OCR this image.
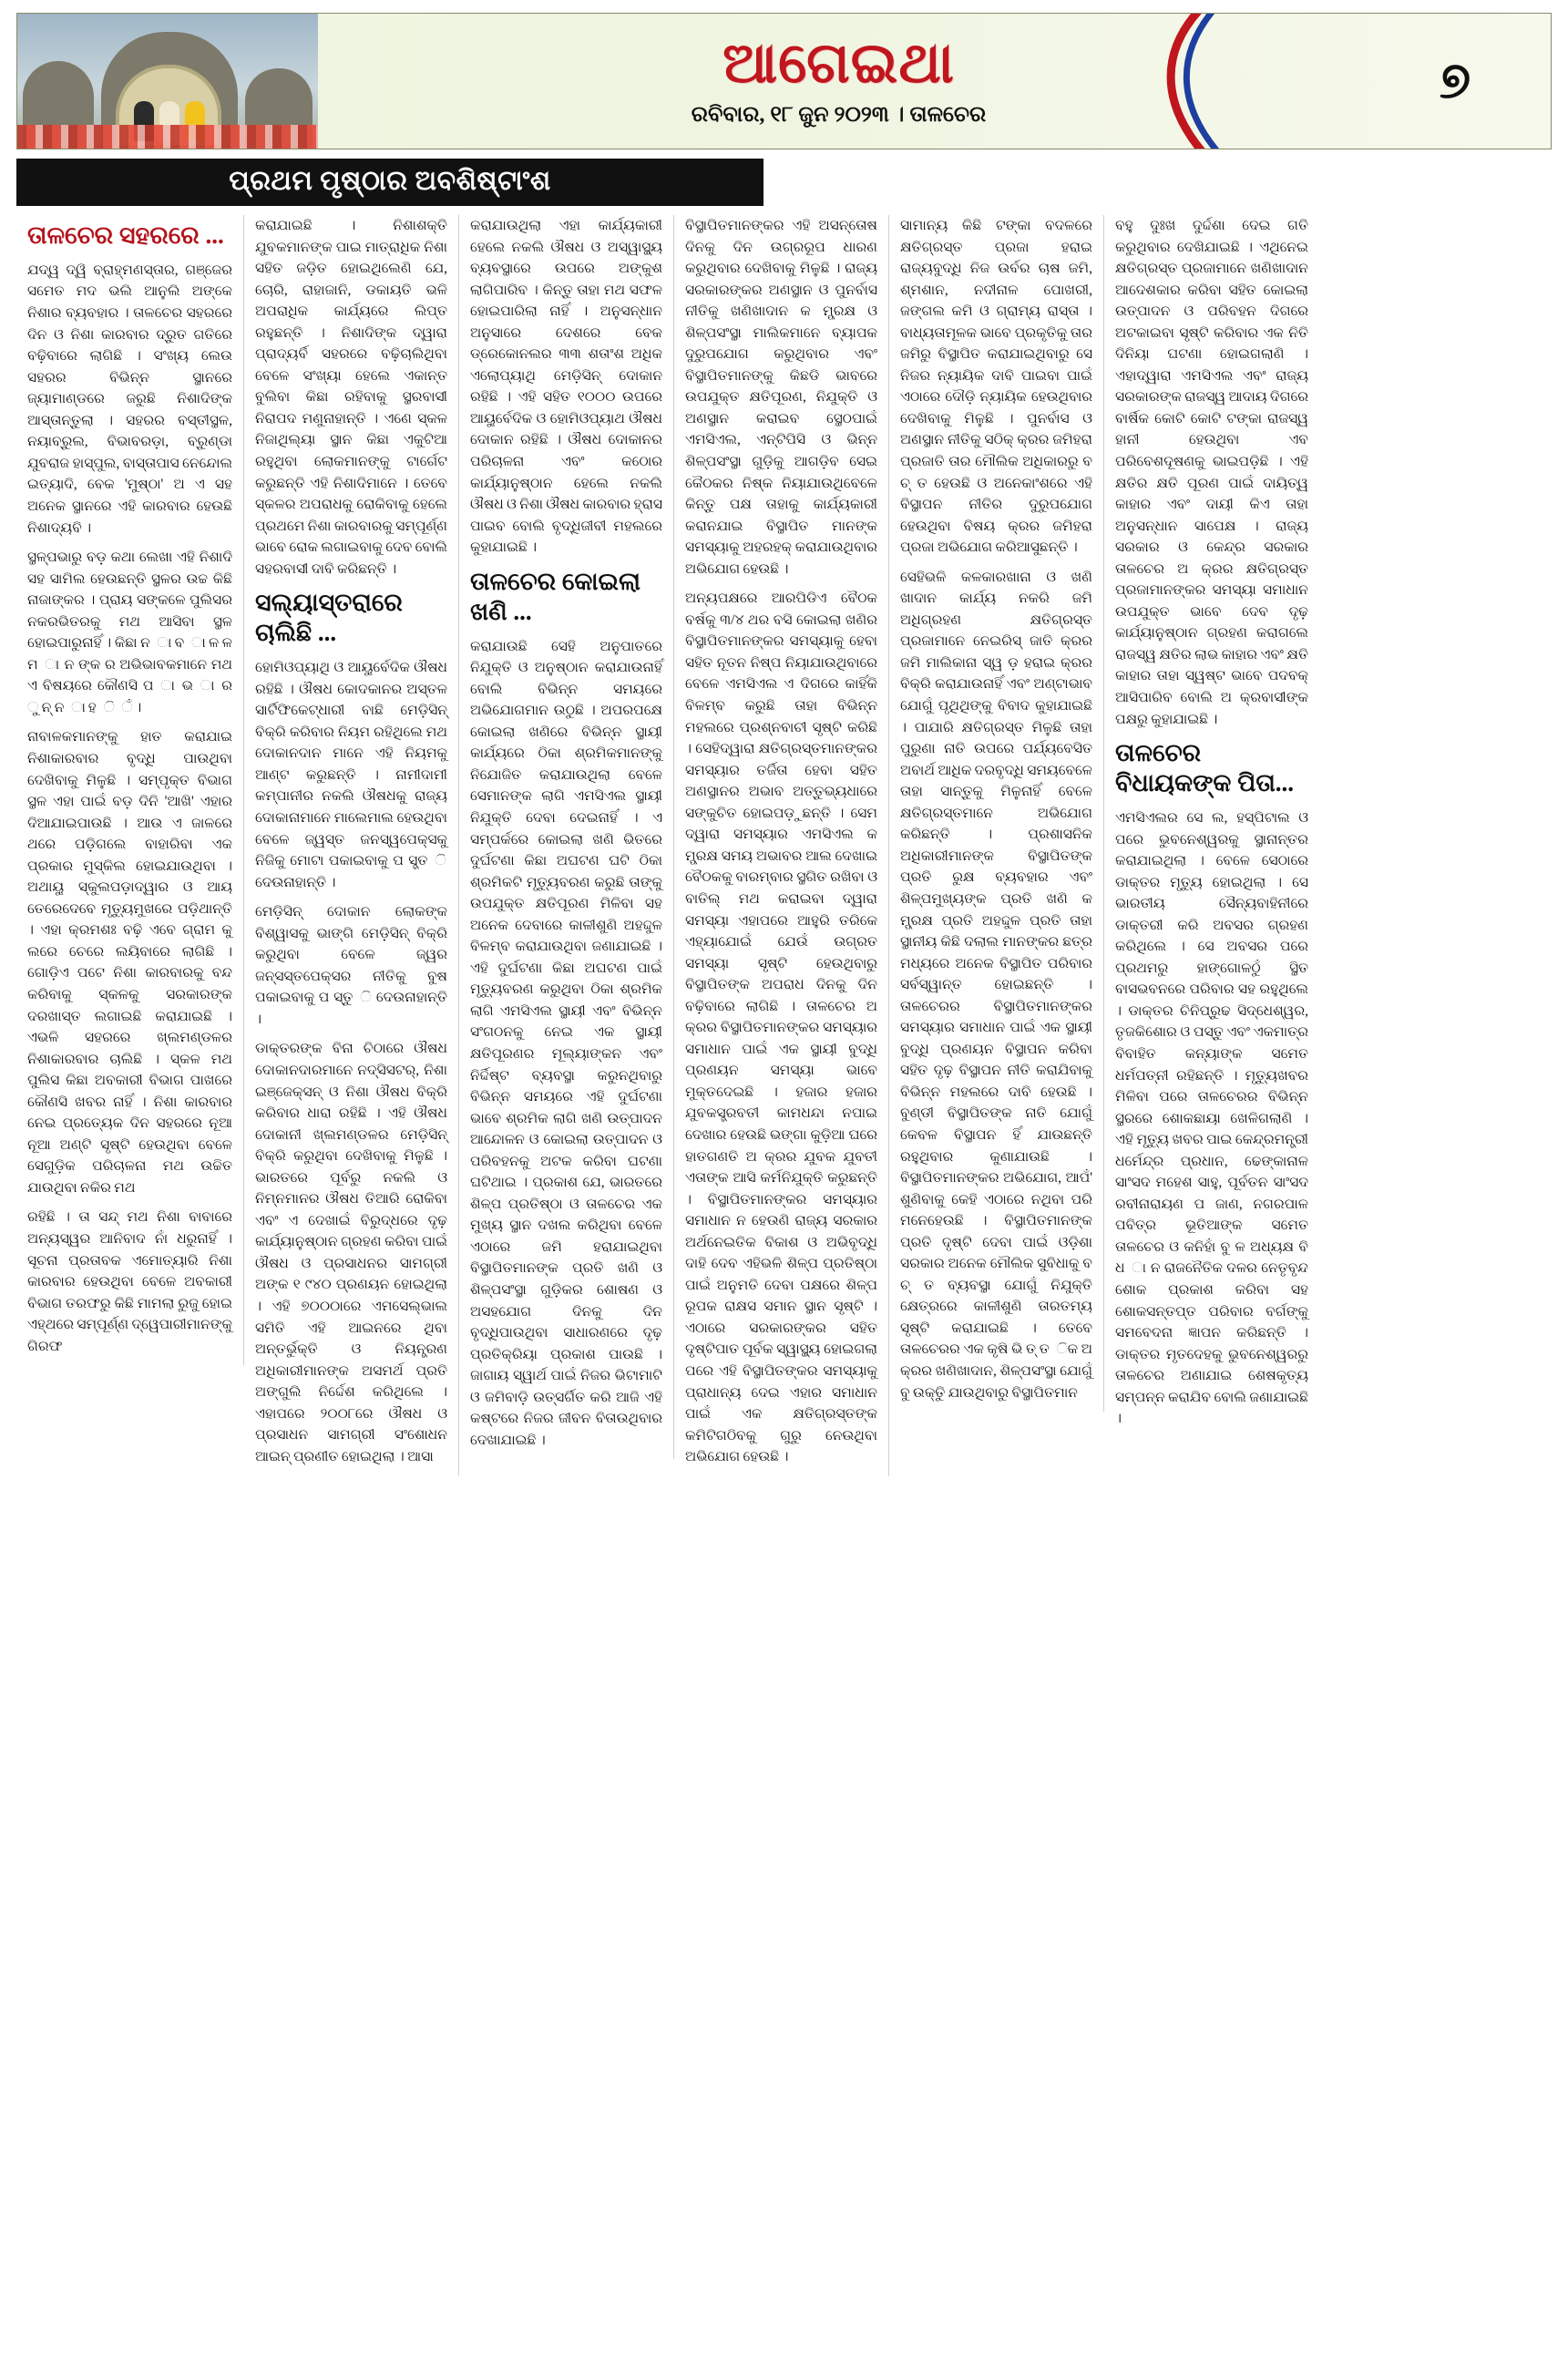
ଆଗେଇଥା
ରବିବାର, ୧୮ ଜୁନ ୨୦୨୩ । ତାଳଚେର
୭
ପ୍ରଥମ ପୃଷ୍ଠାର ଅବଶିଷ୍ଟାଂଶ
ତାଳଚେର ସହରରେ ...

ଯଦ୍ୱ ଦ୍ୱି ବ୍ରାହ୍ମଣସ୍ତାର, ଗଞ୍ଜେର ସମେତ ମଦ ଭଲି ଆନୁଲି ଅଙ୍କେ ନିଶାର ବ୍ୟବହାର । ତାଳଚେର ସହରରେ ଦିନ ଓ ନିଶା କାରବାର ଦ୍ରୁତ ଗତିରେ ବଢ଼ିବାରେ ଲାଗିଛି । ସଂଖ୍ୟ ଲେଉ ସହରର ବିଭିନ୍ନ ସ୍ଥାନରେ ଜ୍ୟାମାଣ୍ଡରେ ଜରୁଛି ନିଶାଦିଙ୍କ ଆସ୍ତାନ୍ତୁଲା । ସହରର ବସ୍ତୀସ୍ଥଳ, ନୟାବ୍ରୁଲ, ବିଭାବରଡ଼ା, ବ୍ରୁଣ୍ଡା ଯୁବରାଜ ହାସ୍ପୁଲ, ବାସ୍ତାପାସ ନେନ୍ଦୋଲ ଇତ୍ୟାଦି, ବେକ 'ମୁଷ୍ଠା' ଅ ଏ ସହ ଅନେକ ସ୍ଥାନରେ ଏହି କାରବାର ହେଉଛି ନିଶାଦ୍ୟବି ।

ସ୍ଥଳ୍ପଭାରୁ ବଡ଼ କଥା ଲେଖା ଏହି ନିଶାଦି ସହ ସାମିଲ ହେଉଛନ୍ତି ସ୍ଥଳର ଉଚ୍ଚ କିଛି ନାଜାଙ୍କର । ପ୍ରାୟ ସଙ୍କଳେ ପୁଲିସର ନକରଭିତରକୁ ମଥ ଆସିବା ସ୍ଥଳ ହୋଇପାରୁନାହିଁ । କିଛା ନ ା ବ ା ଳ ଳ ମ ା ନ ଙ୍କ ର ଅଭିଭାବକମାନେ ମଥ ଏ ବିଷୟରେ କୌଣସି ପ ା ଭ ା ର ୁ ନ୍ ନ ା ହ ି ଁ ।

ନାବାଳକମାନଙ୍କୁ ହାତ କରାଯାଇ ନିଶାକାରବାର ବୃଦ୍ଧି ପାଉଥିବା ଦେଖିବାକୁ ମିଳୁଛି । ସମ୍ପୃକ୍ତ ବିଭାଗ ସ୍ଥଳ ଏହା ପାଇଁ ବଡ଼ ଦିନି 'ଆଖି' ଏହାର ଦିଆଯାଇପାଉଛି । ଆଉ ଏ ଜାଳରେ ଥରେ ପଡ଼ିଗଲେ ବାହାରିବା ଏକ ପ୍ରକାର ମୁସ୍କିଲ ହୋଇଯାଉଥିବା । ଅଥାୟୁ ସ୍କୁଲପଡ଼ାଦ୍ୱାର ଓ ଆୟ ତେରେଦେବେ ମୃତ୍ୟୁମୁଖରେ ପଡ଼ିଥାନ୍ତି । ଏହା କ୍ରମଶଃ ବଢ଼ି ଏବେ ଗ୍ରାମ କୁ ଲରେ ଚେରେ ଲୟିବାରେ ଲାଗିଛି । ଗୋଡ଼ିଏ ପଟେ ନିଶା କାରବାରକୁ ବନ୍ଦ କରିବାକୁ ସ୍କଳକୁ ସରକାରଙ୍କ ଦରଖାସ୍ତ ଲଗାଇଛି କରାଯାଇଛି । ଏଭଳି ସହରରେ ଖ୍ଲମଣ୍ଡଳର ନିଶାକାରବାର ଚାଲିଛି । ସ୍କଳ ମଥ ପୁଲିସ କିଛା ଅବକାରୀ ବିଭାଗ ପାଖରେ କୌଣସି ଖବର ନାହିଁ । ନିଶା କାରବାର ନେଇ ପ୍ରତ୍ୟେକ ଦିନ ସହରରେ ନୂଆ ନୂଆ ଅଣ୍ଟି ସୃଷ୍ଟି ହେଉଥିବା ବେଳେ ସେଗୁଡ଼ିକ ପରିଚାଳନା ମଥ ଉଚ୍ଚିତ ଯାଉଥିବା ନକିର ମଥ

ରହିଛି । ତା ସନ୍ଦ୍ ମଥ ନିଶା ବାବାରେ ଅନ୍ୟସ୍ୱର ଆନିବାଦ ନାଁ ଧରୁନାହିଁ । ସୂଚନା ପ୍ରତାବକ ଏମୋତ୍ୟାରି ନିଶା କାରବାର ହେଉଥିବା ବେଳେ ଅବକାରୀ ବିଭାଗ ତରଫରୁ କିଛି ମାମଲା ରୁଜୁ ହୋଇ ଏହ୍ଥରେ ସମ୍ପୂର୍ଣ୍ଣ ଦ୍ୱେପାରୀମାନଙ୍କୁ ଗିରଫ

କରାଯାଇଛି । ନିଶାଶକ୍ତି ଯୁବକମାନଙ୍କ ପାଇ ମାତ୍ରାଧିକ ନିଶା ସହିତ ଜଡ଼ିତ ହୋଇଥିଲେଣି ଯେ, ଚୋରି, ରାହାଜାନି, ଡକାୟତି ଭଳି ଅପରାଧିକ କାର୍ଯ୍ୟରେ ଲିପ୍ତ ରହୁଛନ୍ତି । ନିଶାଦିଙ୍କ ଦ୍ୱାରା ପ୍ରାଦ୍ୟର୍ବି ସହରରେ ବଢ଼ିଚାଲିଥିବା ବେଳେ ସଂଖ୍ୟା ହେଲେ ଏକାନ୍ତ ବୁଲିବା କିଛା ରହିବାକୁ ସ୍ଥରବାସୀ ନିରାପଦ ମଣୁନାହାନ୍ତି । ଏଣେ ସ୍କଳ ନିଜାଥିଲ୍ୟା ସ୍ଥାନ କିଛା ଏକୁଟିଆ ରହୁଥିବା ଲୋକମାନଙ୍କୁ ଟାର୍ଗେଟ କରୁଛନ୍ତି ଏହି ନିଶାଦିମାନେ । ତେବେ ସ୍କଳର ଅପରାଧକୁ ରୋକିବାକୁ ହେଲେ ପ୍ରଥମେ ନିଶା କାରବାରକୁ ସମ୍ପୂର୍ଣ୍ଣ ଭାବେ ରୋକ ଲଗାଇବାକୁ ଦେବ ବୋଲି ସହରବାସୀ ଦାବି କରିଛନ୍ତି ।

ସଲ୍ୟାସ୍ତରାରେ ଚାଲିଛି ...

ହୋମିଓପ୍ୟାଥି ଓ ଆୟୁର୍ବେଦିକ ଔଷଧ ରହିଛି । ଔଷଧ କୋଦକାନର ଅସ୍ତଳ ସାର୍ଟିଫିକେଟ୍ଧାରୀ ବାଛି ମେଡ଼ିସିନ୍ ବିକ୍ରି କରିବାର ନିୟମ ରହିଥିଲେ ମଥ ଦୋକାନଦାନ ମାନେ ଏହି ନିୟମକୁ ଆଣ୍ଟ କରୁଛନ୍ତି । ନାମୀଦାମୀ କମ୍ପାନୀର ନକଲି ଔଷଧକୁ ରାଜ୍ୟ ଦୋକାନାମାନେ ମାଲେମାଲ ହେଉଥିବା ବେଳେ ଜ୍ୱସ୍ତ ଜନସ୍ୱପେକ୍ସକୁ ନିଜିକୁ ମୋଟା ପକାଇବାକୁ ପ ସ୍ତ୍ତ ି ଦେଉନାହାନ୍ତି ।

ମେଡ଼ିସିନ୍ ଦୋକାନ ଲୋକଙ୍କ ବିଶ୍ୱାସକୁ ଭାଙ୍ଗି ମେଡ଼ିସିନ୍ ବିକ୍ରି କରୁଥିବା ବେଳେ ଜ୍ୱର ଜନ୍ସସ୍ତପେକ୍ସର ନୀତିକୁ ବୁଷ ପକାଇବାକୁ ପ ସ୍ତୁ ି ଦେଉନାହାନ୍ତି ।

ଡାକ୍ତରଙ୍କ ବିନା ଚିଠାରେ ଔଷଧ ଦୋକାନଦାରମାନେ ନଦ୍ସିସଟର୍, ନିଶା ଇଞ୍ଜେକ୍ସନ୍ ଓ ନିଶା ଔଷଧ ବିକ୍ରି କରିବାର ଧାରା ରହିଛି । ଏହି ଔଷଧ ଦୋକାନୀ ଖ୍ଲମଣ୍ଡଳର ମେଡ଼ିସିନ୍ ବିକ୍ରି କରୁଥିବା ଦେଖିବାକୁ ମିଳୁଛି । ଭାରତରେ ପୂର୍ବରୁ ନକଲି ଓ ନିମ୍ନମାନର ଔଷଧ ତିଆରି ରୋକିବା ଏବଂ ଏ ଦେଖାଇଁ ବିରୁଦ୍ଧରେ ଦୃଢ଼ କାର୍ଯ୍ୟାନୁଷ୍ଠାନ ଗ୍ରହଣ କରିବା ପାଇଁ ଔଷଧ ଓ ପ୍ରସାଧନର ସାମଗ୍ରୀ ଅଙ୍କ ୧ ୯୪୦ ପ୍ରଣୟନ ହୋଇଥିଲା । ଏହି ୭୦୦୦ାରେ ଏମସେଲ୍ଭାଲ ସମିତି ଏହି ଆଇନରେ ଥିବା ଅନ୍ତର୍ଭୁକ୍ତି ଓ ନିୟନ୍ତ୍ରଣ ଅଧିକାରୀମାନଙ୍କ ଅସମର୍ଥ ପ୍ରତି ଅଙ୍ଗୁଲି ନିର୍ଦ୍ଦେଶ କରିଥିଲେ । ଏହାପରେ ୨୦୦୮ରେ ଔଷଧ ଓ ପ୍ରସାଧନ ସାମଗ୍ରୀ ସଂଶୋଧନ ଆଇନ୍ ପ୍ରଣୀତ ହୋଇଥିଲା । ଆସା

କରାଯାଉଥିଲା ଏହା କାର୍ଯ୍ୟକାରୀ ହେଲେ ନକଲି ଔଷଧ ଓ ଅସ୍ୱାସ୍ଥ୍ୟ ବ୍ୟବସ୍ଥାରେ ଉପରେ ଅଙ୍କୁଶ ଲାଗିପାରିବ । କିନ୍ତୁ ତାହା ମଥ ସଫଳ ହୋଇପାରିଲା ନାହିଁ । ଅନୁସନ୍ଧାନ ଅନୁସାରେ ଦେଶରେ ବେକ ଡ୍ରେକୋନଲର ୩୩ ଶତାଂଶ ଅଧିକ ଏଲୋପ୍ୟାଥି ମେଡ଼ିସିନ୍ ଦୋକାନ ରହିଛି । ଏହି ସହିତ ୧୦୦୦ ଉପରେ ଆୟୁର୍ବେଦିକ ଓ ହୋମିଓପ୍ୟାଥ ଔଷଧ ଦୋକାନ ରହିଛି । ଔଷଧ ଦୋକାନର ପରିଚାଳନା ଏବଂ କଠୋର କାର୍ଯ୍ୟାନୁଷ୍ଠାନ ହେଲେ ନକଲି ଔଷଧ ଓ ନିଶା ଔଷଧ କାରବାର ହ୍ରାସ ପାଇବ ବୋଲି ବୃଦ୍ଧିଜୀବୀ ମହଲରେ କୁହାଯାଇଛି ।

ତାଳଚେର କୋଇଲା ଖଣି ...

କରାଯାଉଛି ସେହି ଅନୁପାତରେ ନିଯୁକ୍ତି ଓ ଅନୁଷ୍ଠାନ କରାଯାଉନାହିଁ ବୋଲି ବିଭିନ୍ନ ସମୟରେ ଅଭିଯୋଗମାନ ଉଠୁଛି । ଅପରପକ୍ଷେ କୋଇଲା ଖଣିରେ ବିଭିନ୍ନ ସ୍ଥାୟୀ କାର୍ଯ୍ୟରେ ଠିକା ଶ୍ରମିକମାନଙ୍କୁ ନିଯୋଜିତ କରାଯାଉଥିଲା ବେଳେ ସେମାନଙ୍କ ଲାଗି ଏମସିଏଲ ସ୍ଥାୟୀ ନିଯୁକ୍ତି ଦେବା ଦେଇନାହିଁ । ଏ ସମ୍ପର୍କରେ କୋଇଲା ଖଣି ଭିତରେ ଦୁର୍ଘଟଣା କିଛା ଅଘଟଣ ଘଟି ଠିକା ଶ୍ରମିକଟି ମୃତ୍ୟୁବରଣ କରୁଛି ତାଙ୍କୁ ଉପଯୁକ୍ତ କ୍ଷତିପୂରଣ ମିଳିବା ସହ ଅନେକ ଦେବାରେ କାଳୀଶୁଣି ଅହଦ୍ଦୁଳ ବିଳମ୍ବ କରାଯାଉଥିବା ଜଣାଯାଇଛି । ଏହି ଦୁର୍ଘଟଣା କିଛା ଅଘଟଣ ପାଇଁ ମୃତ୍ୟୁବରଣ କରୁଥିବା ଠିକା ଶ୍ରମିକ ଲାଗି ଏମସିଏଲ ସ୍ଥାୟୀ ଏବଂ ବିଭିନ୍ନ ସଂଗଠନକୁ ନେଇ ଏକ ସ୍ଥାୟୀ କ୍ଷତିପୂରଣର ମୂଲ୍ୟାଙ୍କନ ଏବଂ ନିର୍ଦ୍ଦିଷ୍ଟ ବ୍ୟବସ୍ଥା କରୁନଥିବାରୁ ବିଭିନ୍ନ ସମୟରେ ଏହି ଦୁର୍ଘଟଣା ଭାବେ ଶ୍ରମିକ ଲାଗି ଖଣି ଉତ୍ପାଦନ ଆନ୍ଦୋଳନ ଓ କୋଇଲା ଉତ୍ପାଦନ ଓ ପରିବହନକୁ ଅଟକ କରିବା ଘଟଣା ଘଟିଥାଇ । ପ୍ରକାଶ ଯେ, ଭାରତରେ ଶିଳ୍ପ ପ୍ରତିଷ୍ଠା ଓ ତାଳଚେର ଏକ ମୁଖ୍ୟ ସ୍ଥାନ ଦଖଲ କରିଥିବା ବେଳେ ଏଠାରେ ଜମି ହରାଯାଇଥିବା ବିସ୍ଥାପିତମାନଙ୍କ ପ୍ରତି ଖଣି ଓ ଶିଳ୍ପସଂସ୍ଥା ଗୁଡ଼ିକର ଶୋଷଣ ଓ ଅସହଯୋଗ ଦିନକୁ ଦିନ ବୃଦ୍ଧିପାଉଥିବା ସାଧାରଣରେ ଦୃଢ଼ ପ୍ରତିକ୍ରିୟା ପ୍ରକାଶ ପାଉଛି । ଜାଗାୟ ସ୍ୱାର୍ଥ ପାଇଁ ନିଜର ଭିଟାମାଟି ଓ ଜମିବାଡ଼ି ଉତ୍ସର୍ଗିତ କରି ଆଜି ଏହି କଷ୍ଟରେ ନିଜର ଜୀବନ ବିତାଉଥିବାର ଦେଖାଯାଇଛି ।

ବିସ୍ଥାପିତମାନଙ୍କର ଏହି ଅସନ୍ତୋଷ ଦିନକୁ ଦିନ ଉଗ୍ରରୂପ ଧାରଣ କରୁଥିବାର ଦେଖିବାକୁ ମିଳୁଛି । ରାଜ୍ୟ ସରକାରଙ୍କର ଅଣସ୍ଥାନ ଓ ପୁନର୍ବାସ ନୀତିକୁ ଖଣିଖାଦାନ କ ମ୍ପ୍ରକ୍ଷ ଓ ଶିଳ୍ପସଂସ୍ଥା ମାଲିକମାନେ ବ୍ୟାପକ ଦୁରୁପଯୋଗ କରୁଥିବାର ଏବଂ ବିସ୍ଥାପିତମାନଙ୍କୁ କିଛଡି ଭାବରେ ଉପଯୁକ୍ତ କ୍ଷତିପୂରଣ, ନିଯୁକ୍ତି ଓ ଅଣସ୍ଥାନ କରାଇବ ସ୍ଥେଠପାଇଁ ଏମସିଏଲ, ଏନ୍ଟିପିସି ଓ ଭିନ୍ନ ଶିଳ୍ପସଂସ୍ଥା ଗୁଡ଼ିକୁ ଆଗଡ଼ିବ ସେଇ କୈଠକର ନିଷ୍କ ନିୟାଯାଉଥିବେଳେ କିନ୍ତୁ ପକ୍ଷ ତାହାକୁ କାର୍ଯ୍ୟକାରୀ କରାନଯାଇ ବିସ୍ଥାପିତ ମାନଙ୍କ ସମସ୍ୟାକୁ ଅହରହକ୍ କରାଯାଉଥିବାର ଅଭିଯୋଗ ହେଉଛି ।

ଅନ୍ୟପକ୍ଷରେ ଆରପିଡିଏ ବୈଠକ ବର୍ଷକୁ ୩/୪ ଥର ବସି କୋଇଲା ଖଣିର ବିସ୍ଥାପିତମାନଙ୍କର ସମସ୍ୟାକୁ ହେବା ସହିତ ନୂତନ ନିଷ୍ପ ନିୟାଯାଉଥିବାରେ ବେଳେ ଏମସିଏଲ ଏ ଦିଗରେ କାହିଁକି ବିଳମ୍ବ କରୁଛି ତାହା ବିଭିନ୍ନ ମହଲରେ ପ୍ରଶ୍ନବାଚୀ ସୃଷ୍ଟି କରିଛି । ସେହିଦ୍ୱାରା କ୍ଷତିଗ୍ରସ୍ତମାନଙ୍କର ସମସ୍ୟାର ତର୍ଜିତା ହେବା ସହିତ ଅଣସ୍ଥାନର ଅଭାବ ଅତ୍ତୁଭ୍ୟଧାରେ ସଙ୍କୁଚିତ ହୋଇପଡ଼ୁଛନ୍ତି । ସେମ ଦ୍ୱାରା ସମସ୍ୟାର ଏମସିଏଲ କ ମ୍ପ୍ରକ୍ଷ ସମୟ ଅଭାବର ଆଲ ଦେଖାଇ ବୈଠକକୁ ବାରମ୍ବାର ସ୍ଥଗିତ ରଖିବା ଓ ବାତିଲ୍ ମଥ କରାଇବା ଦ୍ୱାରା ସମସ୍ୟା ଏହାପରେ ଆହୁରି ତରିକେ ଏହ୍ୟାଯୋଇଁ ଯେଉଁ ଉଗ୍ରତ ସମସ୍ୟା ସୃଷ୍ଟି ହେଉଥିବାରୁ ବିସ୍ଥାପିତଙ୍କ ଅପରାଧ ଦିନକୁ ଦିନ ବଢ଼ିବାରେ ଲାଗିଛି । ତାଳଚେର ଅ କ୍ରର ବିସ୍ଥାପିତମାନଙ୍କର ସମସ୍ୟାର ସମାଧାନ ପାଇଁ ଏକ ସ୍ଥାୟୀ ବୁଦ୍ଧି ପ୍ରଣୟନ ସମସ୍ୟା ଭାବେ ମୁକ୍ତଦେଇଛି । ହଜାର ହଜାର ଯୁବକସ୍ତ୍ରବତୀ କାମଧନ୍ଦା ନପାଇ ଦେଖାର ହେଉଛି ଭଙ୍ଗା କୁଡ଼ିଆ ଘରେ ହାତଗଣତି ଅ କ୍ରର ଯୁବକ ଯୁବତୀ ଏତାଙ୍କ ଆସି କର୍ମନିଯୁକ୍ତି କରୁଛନ୍ତି । ବିସ୍ଥାପିତମାନଙ୍କର ସମସ୍ୟାର ସମାଧାନ ନ ହେଉଣି ରାଜ୍ୟ ସରକାର ଅର୍ଥନେଇତିକ ବିକାଶ ଓ ଅଭିବୃଦ୍ଧି ଦାହି ଦେବ ଏହିଭଳି ଶିଳ୍ପ ପ୍ରତିଷ୍ଠା ପାଇଁ ଅନୁମତି ଦେବା ପକ୍ଷରେ ଶିଳ୍ପ ରୂପକ ରାକ୍ଷସ ସମାନ ସ୍ଥାନ ସୃଷ୍ଟି । ଏଠାରେ ସରକାରଙ୍କର ସହିତ ଦୃଷ୍ଟିପାତ ପୂର୍ବକ ସ୍ୱାସ୍ଥ୍ୟ ହୋଇଗଲା ପରେ ଏହି ବିସ୍ଥାପିତଙ୍କର ସମସ୍ୟାକୁ ପ୍ରାଧାନ୍ୟ ଦେଇ ଏହାର ସମାଧାନ ପାଇଁ ଏକ କ୍ଷତିଗ୍ରସ୍ତଙ୍କ କମିଟିଗଠିବକୁ ଗୁରୁ ନେଉଥିବା ଅଭିଯୋଗ ହେଉଛି ।

ସାମାନ୍ୟ କିଛି ଟଙ୍କା ବଦଳରେ କ୍ଷତିଗ୍ରସ୍ତ ପ୍ରଜା ହରାଇ ରାଜ୍ୟବୁଦ୍ଧି ନିଜ ଉର୍ବର ଚାଷ ଜମି, ଶ୍ମଶାନ, ନଦୀନାଳ ପୋଖରୀ, ଜଙ୍ଗଲ କମି ଓ ଗ୍ରାମ୍ୟ ରାସ୍ତା । ବାଧ୍ୟତାମୂଳକ ଭାବେ ପ୍ରକୃତିକୁ ତାର ଜମିରୁ ବିସ୍ଥାପିତ କରାଯାଇଥିବାରୁ ସେ ନିଜର ନ୍ୟାୟିକ ଦାବି ପାଇବା ପାଇଁ ଏଠାରେ ଦୌଡ଼ି ନ୍ୟାୟିକ ହେଉଥିବାର ଦେଖିବାକୁ ମିଳୁଛି । ପୁନର୍ବାସ ଓ ଅଣସ୍ଥାନ ନୀତିକୁ ସଠିକ୍ କ୍ରର ଜମିହରା ପ୍ରଜାତି ତାର ମୌଲିକ ଅଧିକାରରୁ ବ ଚ୍ ତ ହେଉଛି ଓ ଅନେକାଂଶରେ ଏହି ବିସ୍ଥାପନ ନୀତିର ଦୁରୁପଯୋଗ ହେଉଥିବା ବିଷୟ କ୍ରର ଜମିହରା ପ୍ରଜା ଅଭିଯୋଗ କରିଆସୁଛନ୍ତି ।

ସେହିଭଳି କଳକାରଖାନା ଓ ଖଣି ଖାଦାନ କାର୍ଯ୍ୟ ନକରି ଜମି ଅଧିଗ୍ରହଣ କ୍ଷତିଗ୍ରସ୍ତ ପ୍ରଜାମାନେ ନେଇରିସ୍ ଜାତି କ୍ରର ଜମି ମାଲିକାନା ସ୍ୱ ଡ଼ ହରାଇ କ୍ରର ବିକ୍ରି କରାଯାଉନାହିଁ ଏବଂ ଅଣ୍ଟାଭାବ ଯୋଗୁଁ ପୃଥିଥିଙ୍କୁ ବିବାଦ କୁହାଯାଇଛି । ପାଯାରି କ୍ଷତିଗ୍ରସ୍ତ ମିଳୁଛି ତାହା ପୁରୁଣା ନାତି ଉପରେ ପର୍ଯ୍ୟବେସିତ ଅବାର୍ଥ ଆଧିକ ଦରବୃଦ୍ଧି ସମୟବେଳେ ତାହା ସାନ୍ତୁକୁ ମିଳୁନାହିଁ ବେଳେ କ୍ଷତିଗ୍ରସ୍ତମାନେ ଅଭିଯୋଗ କରିଛନ୍ତି । ପ୍ରଶାସନିକ ଅଧିକାରୀମାନଙ୍କ ବିସ୍ଥାପିତଙ୍କ ପ୍ରତି ରୁକ୍ଷ ବ୍ୟବହାର ଏବଂ ଶିଳ୍ପମୁଖ୍ୟଙ୍କ ପ୍ରତି ଖଣି କ ମ୍ପ୍ରକ୍ଷ ପ୍ରତି ଅହଦ୍ଦୁଳ ପ୍ରତି ତାହା ସ୍ଥାନୀୟ କିଛି ଦଲାଲ ମାନଙ୍କର ଛତ୍ର ମଧ୍ୟରେ ଅନେକ ବିସ୍ଥାପିତ ପରିବାର ସର୍ବସ୍ୱାନ୍ତ ହୋଇଛନ୍ତି । ତାଳଚେରର ବିସ୍ଥାପିତମାନଙ୍କର ସମସ୍ୟାର ସମାଧାନ ପାଇଁ ଏକ ସ୍ଥାୟୀ ବୁଦ୍ଧି ପ୍ରଣୟନ ବିସ୍ଥାପନ କରିବା ସହିତ ଦୃଢ଼ ବିସ୍ଥାପନ ନୀତି କରାଯିବାକୁ ବିଭିନ୍ନ ମହଲରେ ଦାବି ହେଉଛି । ବୁଣ୍ଡୀ ବିସ୍ଥାପିତଙ୍କ ନାତି ଯୋଗୁଁ କେବଳ ବିସ୍ଥାପନ ହିଁ ଯାଉଛନ୍ତି ରହୁଥିବାର କୁଣାଯାଉଛି । ବିସ୍ଥାପିତମାନଙ୍କର ଅଭିଯୋଗ, ଆପଁ' ଶୁଣିବାକୁ କେହି ଏଠାରେ ନଥିବା ପରି ମନେହେଉଛି । ବିସ୍ଥାପିତମାନଙ୍କ ପ୍ରତି ଦୃଷ୍ଟି ଦେବା ପାଇଁ ଓଡ଼ିଶା ସରକାର ଅନେକ ମୌଲିକ ସୁବିଧାକୁ ବ ଚ୍ ତ ବ୍ୟବସ୍ଥା ଯୋଗୁଁ ନିଯୁକ୍ତି କ୍ଷେତ୍ରରେ କାଳୀଶୁଣି ତାରତମ୍ୟ ସୃଷ୍ଟି କରାଯାଇଛି । ତେବେ ତାଳଚେରର ଏକ କୃଷି ଭି ତ୍ ତ ିକ ଅ କ୍ରର ଖଣିଖାଦାନ, ଶିଳ୍ପସଂସ୍ଥା ଯୋଗୁଁ ବୁ ଉକ୍ତିୁ ଯାଉଥିବାରୁ ବିସ୍ଥାପିତମାନ

ବହୁ ଦୁଃଖ ଦୁର୍ଦ୍ଦଶା ଦେଇ ଗତି କରୁଥିବାର ଦେଖିଯାଇଛି । ଏଥିନେଇ କ୍ଷତିଗ୍ରସ୍ତ ପ୍ରଜାମାନେ ଖଣିଖାଦାନ ଆଦେଶକାର କରିବା ସହିତ କୋଇଲା ଉତ୍ପାଦନ ଓ ପରିବହନ ଦିଗରେ ଅଟକାଇବା ସୃଷ୍ଟି କରିବାର ଏକ ନିତି ଦିନିୟା ଘଟଣା ହୋଇଗଲାଣି । ଏହାଦ୍ୱାରା ଏମସିଏଲ ଏବଂ ରାଜ୍ୟ ସରକାରଙ୍କ ରାଜସ୍ୱ ଆଦାୟ ଦିଗରେ ବାର୍ଷିକ କୋଟି କୋଟି ଟଙ୍କା ରାଜସ୍ୱ ହାନୀ ହେଉଥିବା ଏବ ପରିବେଶଦୂଷଣକୁ ଭାଇପଡ଼ିଛି । ଏହି କ୍ଷତିର କ୍ଷତି ପୂରଣ ପାଇଁ ଦାୟିତ୍ୱ କାହାର ଏବଂ ଦାୟୀ କିଏ ତାହା ଅନୁସନ୍ଧାନ ସାପେକ୍ଷ । ରାଜ୍ୟ ସରକାର ଓ କେନ୍ଦ୍ର ସରକାର ତାଳଚେର ଅ କ୍ରର କ୍ଷତିଗ୍ରସ୍ତ ପ୍ରଜାମାନଙ୍କର ସମସ୍ୟା ସମାଧାନ ଉପଯୁକ୍ତ ଭାବେ ଦେବ ଦୃଢ଼ କାର୍ଯ୍ୟାନୁଷ୍ଠାନ ଗ୍ରହଣ କରାଗଲେ ରାଜସ୍ୱ କ୍ଷତିର ଲାଭ କାହାର ଏବଂ କ୍ଷତି କାହାର ତାହା ସ୍ୱଷ୍ଟ ଭାବେ ପଦବକ୍ ଆସିପାରିବ ବୋଲି ଅ କ୍ରବାସୀଙ୍କ ପକ୍ଷରୁ କୁହାଯାଇଛି ।

ତାଳଚେର ବିଧାୟକଙ୍କ ପିତା...

ଏମସିଏଲର ସେ ଲ, ହସ୍ପିଟାଲ ଓ ପରେ ଭୁବନେଶ୍ୱରକୁ ସ୍ଥାନାନ୍ତର କରାଯାଇଥିଲା । ବେଳେ ସେଠାରେ ଡାକ୍ତର ମୃତ୍ୟୁ ହୋଇଥିଲା । ସେ ଭାରତୀୟ ସୈନ୍ୟବାହିନୀରେ ଡାକ୍ତରୀ କରି ଅବସର ଗ୍ରହଣ କରିଥିଲେ । ସେ ଅବସର ପରେ ପ୍ରଥମରୁ ହାଙ୍ଗୋଳଠୁଁ ସ୍ଥିତ ବାସଭବନରେ ପରିବାର ସହ ରହୁଥିଲେ । ଡାକ୍ତର ଚିନିପ୍ରୁଢ ସିଦ୍ଧେଶ୍ୱର, ତୃଜକିଶୋର ଓ ପସ୍ତୁ ଏବଂ ଏକମାତ୍ର ବିବାହିତ କନ୍ୟାଙ୍କ ସମେତ ଧର୍ମପତ୍ନୀ ରହିଛନ୍ତି । ମୃତ୍ୟୁଖବର ମିଳିବା ପରେ ତାଳଚେରର ବିଭିନ୍ନ ସ୍ଥରରେ ଶୋକଛାୟା ଖେଳିଗଲାଣି । ଏହି ମୃତ୍ୟୁ ଖବର ପାଇ କେନ୍ଦ୍ରମନ୍ତ୍ରୀ ଧର୍ମେନ୍ଦ୍ର ପ୍ରଧାନ, ଢେଙ୍କାନାଳ ସାଂସଦ ମହେଶ ସାହୁ, ପୂର୍ବତନ ସାଂସଦ ରବୀନାରାୟଣ ପ ଜାଣ, ନଗରପାଳ ପବିତ୍ର ଭୂତିଆଙ୍କ ସମେତ ତାଳଚେର ଓ କନିହାଁ ବୁ ଳ ଅଧ୍ୟକ୍ଷ ବି ଧ ା ନ ରାଜନୈତିକ ଦଳର ନେତୃବୃନ୍ଦ ଶୋକ ପ୍ରକାଶ କରିବା ସହ ଶୋକସନ୍ତପ୍ତ ପରିବାର ବର୍ଗଙ୍କୁ ସମବେଦନା ଜ୍ଞାପନ କରିଛନ୍ତି । ଡାକ୍ତର ମୃତଦେହକୁ ଭୁବନେଶ୍ୱରରୁ ତାଳଚେର ଅଣାଯାଇ ଶେଷକୃତ୍ୟ ସମ୍ପନ୍ନ କରାଯିବ ବୋଲି ଜଣାଯାଇଛି ।
